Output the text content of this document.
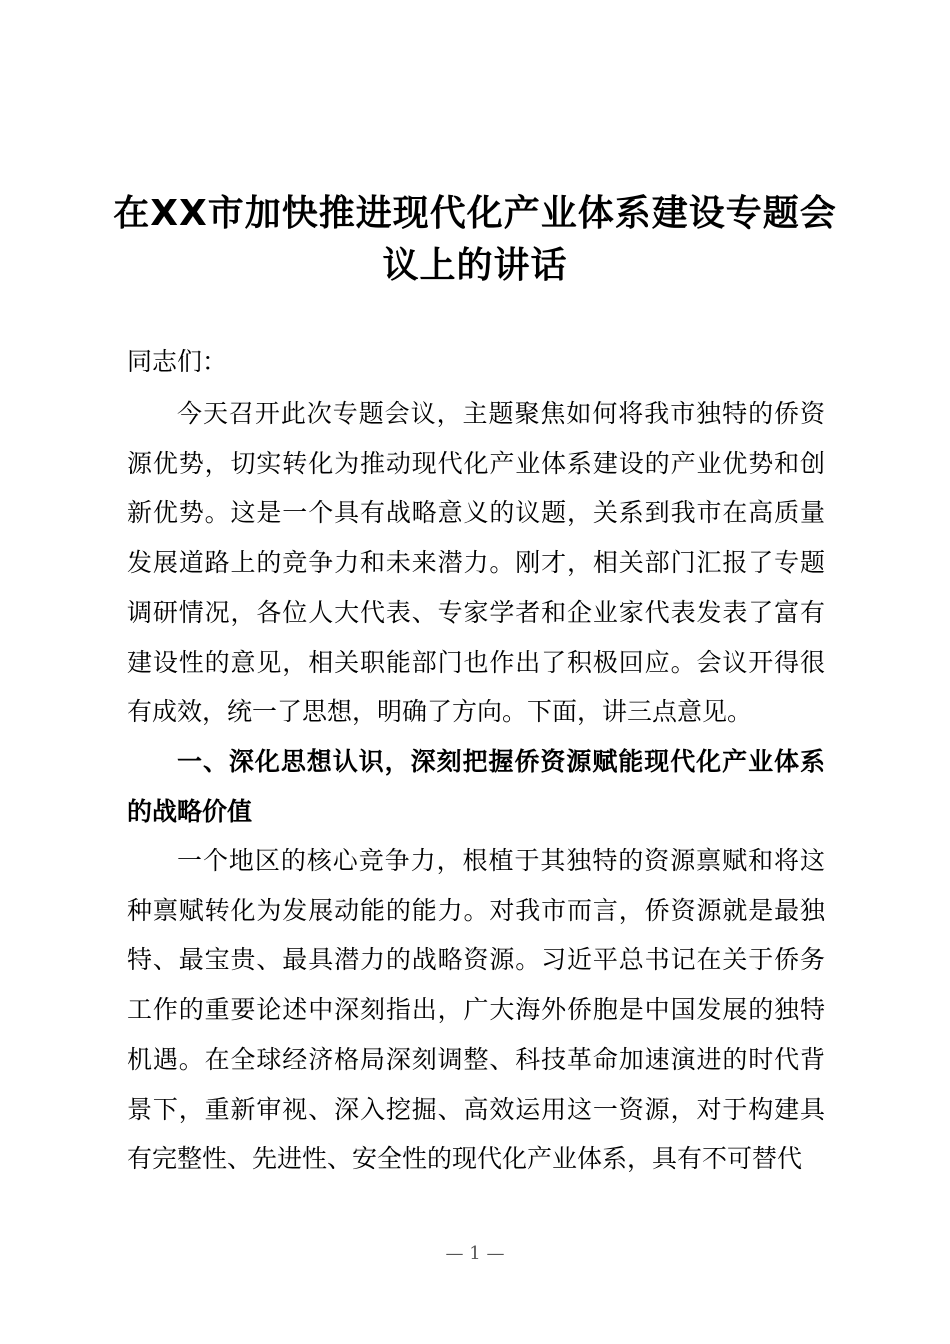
在XX市加快推进现代化产业体系建设专题会议上的讲话

同志们：

今天召开此次专题会议，主题聚焦如何将我市独特的侨资源优势，切实转化为推动现代化产业体系建设的产业优势和创新优势。这是一个具有战略意义的议题，关系到我市在高质量发展道路上的竞争力和未来潜力。刚才，相关部门汇报了专题调研情况，各位人大代表、专家学者和企业家代表发表了富有建设性的意见，相关职能部门也作出了积极回应。会议开得很有成效，统一了思想，明确了方向。下面，讲三点意见。

一、深化思想认识，深刻把握侨资源赋能现代化产业体系的战略价值

一个地区的核心竞争力，根植于其独特的资源禀赋和将这种禀赋转化为发展动能的能力。对我市而言，侨资源就是最独特、最宝贵、最具潜力的战略资源。习近平总书记在关于侨务工作的重要论述中深刻指出，广大海外侨胞是中国发展的独特机遇。在全球经济格局深刻调整、科技革命加速演进的时代背景下，重新审视、深入挖掘、高效运用这一资源，对于构建具有完整性、先进性、安全性的现代化产业体系，具有不可替代

— 1 —
